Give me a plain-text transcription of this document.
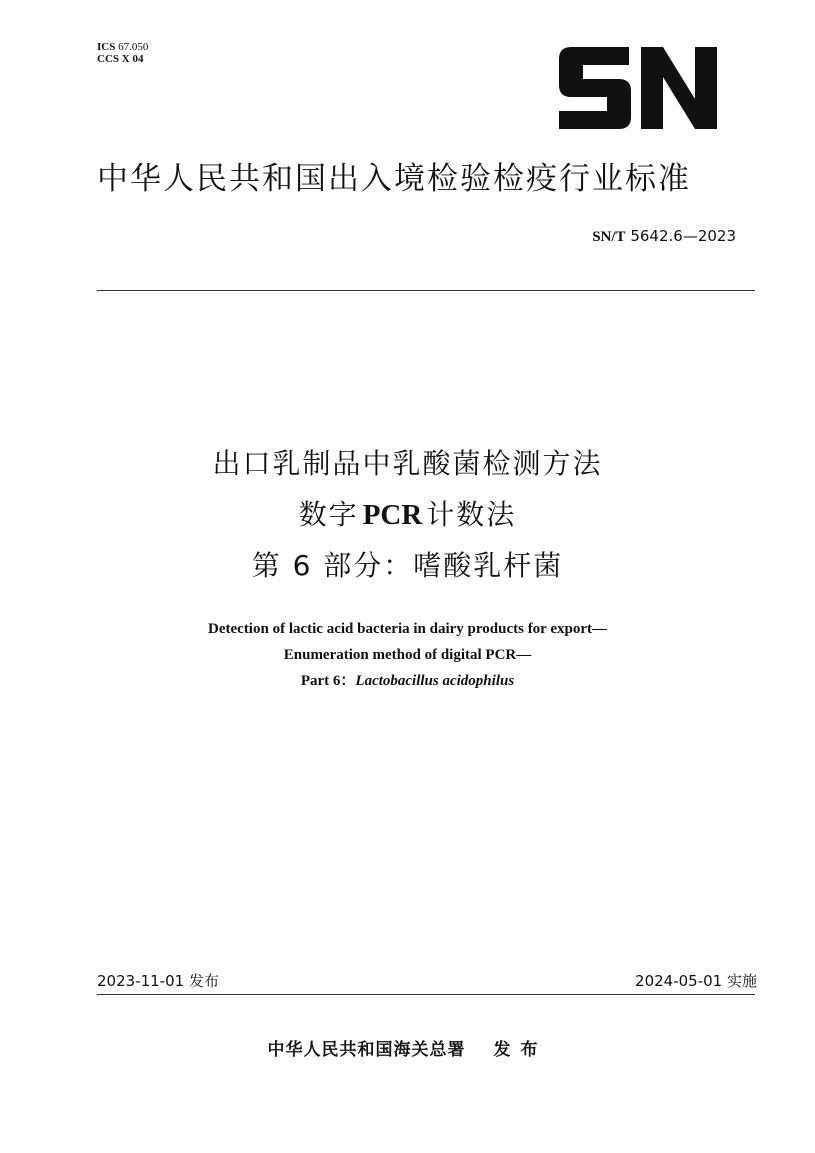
ICS 67.050
CCS X 04
SN
中华人民共和国出入境检验检疫行业标准
SN/T 5642.6—2023
出口乳制品中乳酸菌检测方法
数字 PCR 计数法
第 6 部分：嗜酸乳杆菌
Detection of lactic acid bacteria in dairy products for export—
Enumeration method of digital PCR—
Part 6：Lactobacillus acidophilus
2023-11-01 发布	2024-05-01 实施
中华人民共和国海关总署 发布
